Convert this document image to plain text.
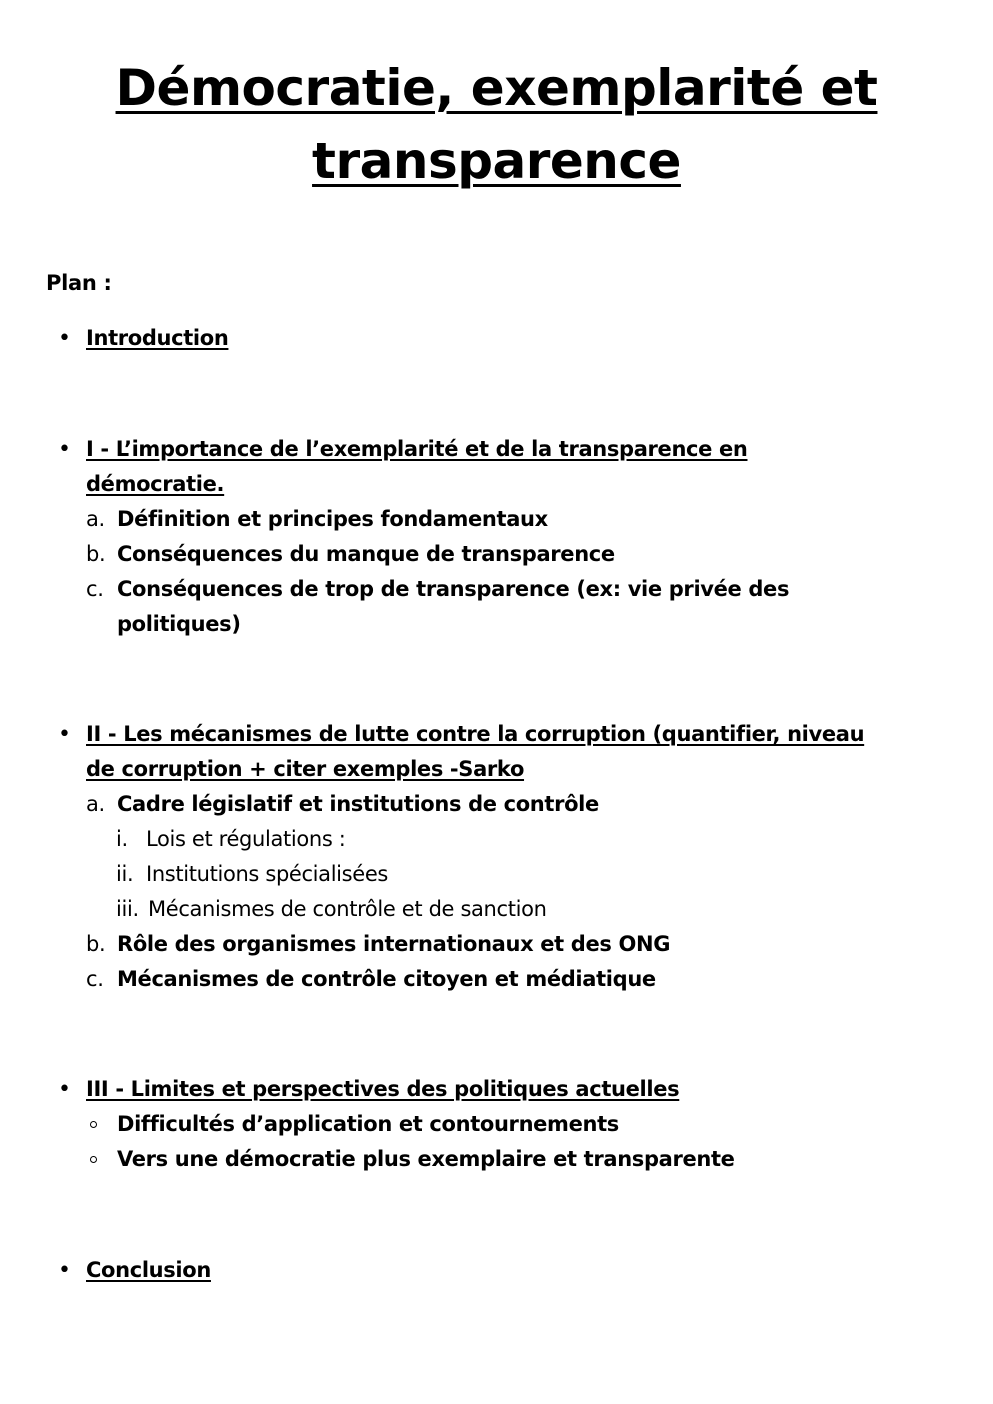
Démocratie, exemplarité et
transparence

Plan :

• Introduction

• I - L’importance de l’exemplarité et de la transparence en

démocratie.

a. Définition et principes fondamentaux
b. Conséquences du manque de transparence
c. Conséquences de trop de transparence (ex: vie privée des politiques)
• II - Les mécanismes de lutte contre la corruption (quantifier, niveau

de corruption + citer exemples -Sarko

a. Cadre législatif et institutions de contrôle
i. Lois et régulations :
ii. Institutions spécialisées
iii. Mécanismes de contrôle et de sanction
b. Rôle des organismes internationaux et des ONG
c. Mécanismes de contrôle citoyen et médiatique
• III - Limites et perspectives des politiques actuelles

Difficultés d’application et contournements
Vers une démocratie plus exemplaire et transparente
• Conclusion
